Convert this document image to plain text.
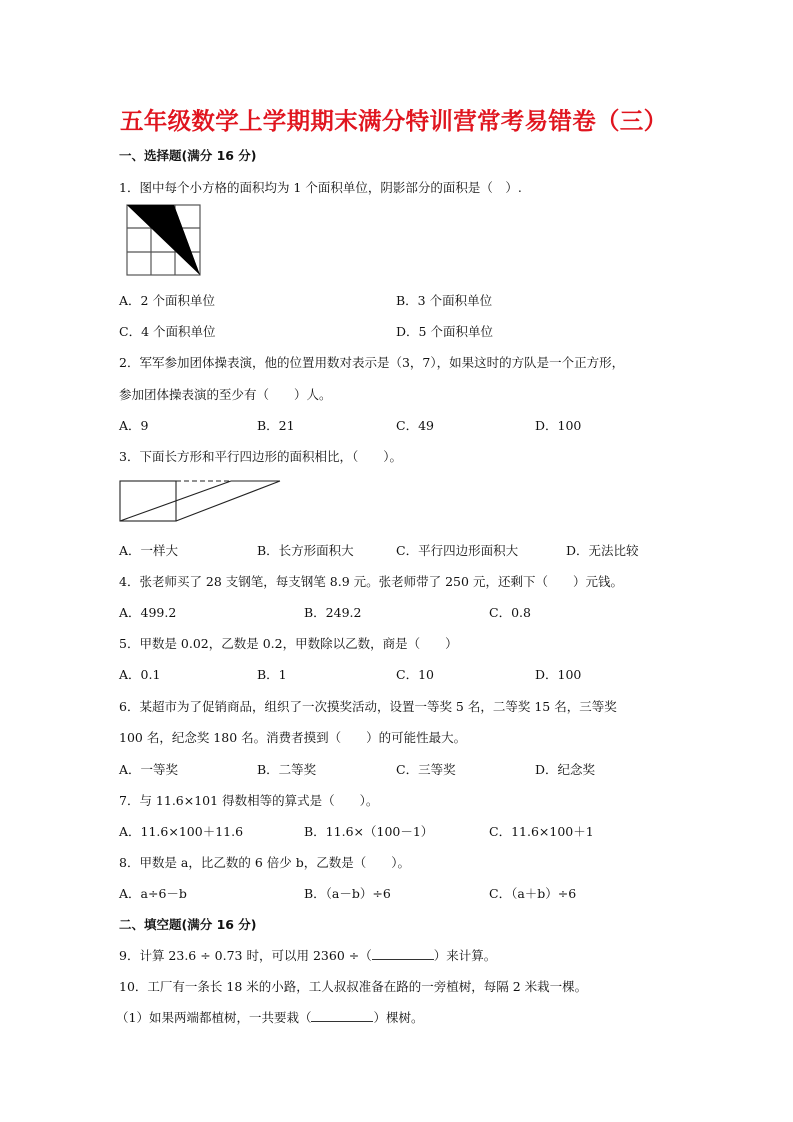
五年级数学上学期期末满分特训营常考易错卷（三）
一、选择题(满分 16 分)
1．图中每个小方格的面积均为 1 个面积单位，阴影部分的面积是（　）.
A．2 个面积单位	B．3 个面积单位
C．4 个面积单位	D．5 个面积单位
2．军军参加团体操表演，他的位置用数对表示是（3，7），如果这时的方队是一个正方形，
参加团体操表演的至少有（　　）人。
A．9	B．21	C．49	D．100
3．下面长方形和平行四边形的面积相比，（　　）。
A．一样大	B．长方形面积大	C．平行四边形面积大	D．无法比较
4．张老师买了 28 支钢笔，每支钢笔 8.9 元。张老师带了 250 元，还剩下（　　）元钱。
A．499.2	B．249.2	C．0.8
5．甲数是 0.02，乙数是 0.2，甲数除以乙数，商是（　　）
A．0.1	B．1	C．10	D．100
6．某超市为了促销商品，组织了一次摸奖活动，设置一等奖 5 名，二等奖 15 名，三等奖
100 名，纪念奖 180 名。消费者摸到（　　）的可能性最大。
A．一等奖	B．二等奖	C．三等奖	D．纪念奖
7．与 11.6×101 得数相等的算式是（　　）。
A．11.6×100＋11.6	B．11.6×（100－1）	C．11.6×100＋1
8．甲数是 a，比乙数的 6 倍少 b，乙数是（　　）。
A．a÷6－b	B．（a－b）÷6	C．（a＋b）÷6
二、填空题(满分 16 分)
9．计算 23.6 ÷ 0.73 时，可以用 2360 ÷（	）来计算。
10．工厂有一条长 18 米的小路，工人叔叔准备在路的一旁植树，每隔 2 米栽一棵。
（1）如果两端都植树，一共要栽（	）棵树。
